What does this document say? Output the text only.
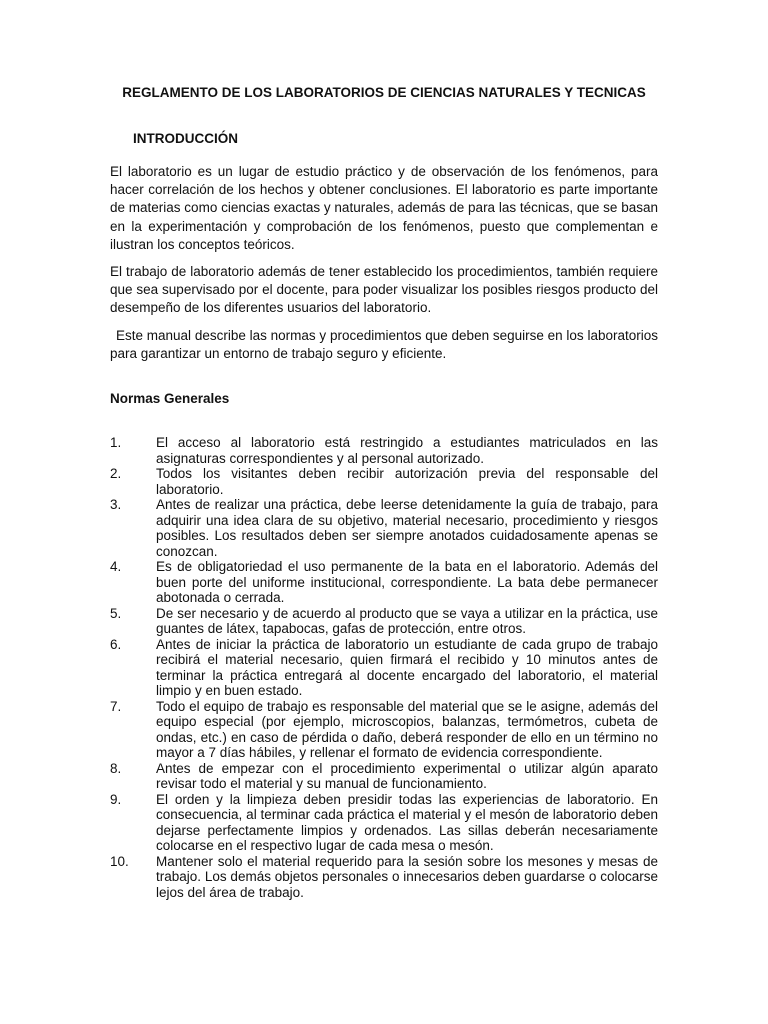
REGLAMENTO DE LOS LABORATORIOS DE CIENCIAS NATURALES Y TECNICAS
INTRODUCCIÓN

El laboratorio es un lugar de estudio práctico y de observación de los fenómenos, para hacer correlación de los hechos y obtener conclusiones. El laboratorio es parte importante de materias como ciencias exactas y naturales, además de para las técnicas, que se basan en la experimentación y comprobación de los fenómenos, puesto que complementan e ilustran los conceptos teóricos.

El trabajo de laboratorio además de tener establecido los procedimientos, también requiere que sea supervisado por el docente, para poder visualizar los posibles riesgos producto del desempeño de los diferentes usuarios del laboratorio.

Este manual describe las normas y procedimientos que deben seguirse en los laboratorios para garantizar un entorno de trabajo seguro y eficiente.

Normas Generales
1.	El acceso al laboratorio está restringido a estudiantes matriculados en las asignaturas correspondientes y al personal autorizado.
2.	Todos los visitantes deben recibir autorización previa del responsable del laboratorio.
3.	Antes de realizar una práctica, debe leerse detenidamente la guía de trabajo, para adquirir una idea clara de su objetivo, material necesario, procedimiento y riesgos posibles. Los resultados deben ser siempre anotados cuidadosamente apenas se conozcan.
4.	Es de obligatoriedad el uso permanente de la bata en el laboratorio. Además del buen porte del uniforme institucional, correspondiente. La bata debe permanecer abotonada o cerrada.
5.	De ser necesario y de acuerdo al producto que se vaya a utilizar en la práctica, use guantes de látex, tapabocas, gafas de protección, entre otros.
6.	Antes de iniciar la práctica de laboratorio un estudiante de cada grupo de trabajo recibirá el material necesario, quien firmará el recibido y 10 minutos antes de terminar la práctica entregará al docente encargado del laboratorio, el material limpio y en buen estado.
7.	Todo el equipo de trabajo es responsable del material que se le asigne, además del equipo especial (por ejemplo, microscopios, balanzas, termómetros, cubeta de ondas, etc.) en caso de pérdida o daño, deberá responder de ello en un término no mayor a 7 días hábiles, y rellenar el formato de evidencia correspondiente.
8.	Antes de empezar con el procedimiento experimental o utilizar algún aparato revisar todo el material y su manual de funcionamiento.
9.	El orden y la limpieza deben presidir todas las experiencias de laboratorio. En consecuencia, al terminar cada práctica el material y el mesón de laboratorio deben dejarse perfectamente limpios y ordenados. Las sillas deberán necesariamente colocarse en el respectivo lugar de cada mesa o mesón.
10.	Mantener solo el material requerido para la sesión sobre los mesones y mesas de trabajo. Los demás objetos personales o innecesarios deben guardarse o colocarse lejos del área de trabajo.
